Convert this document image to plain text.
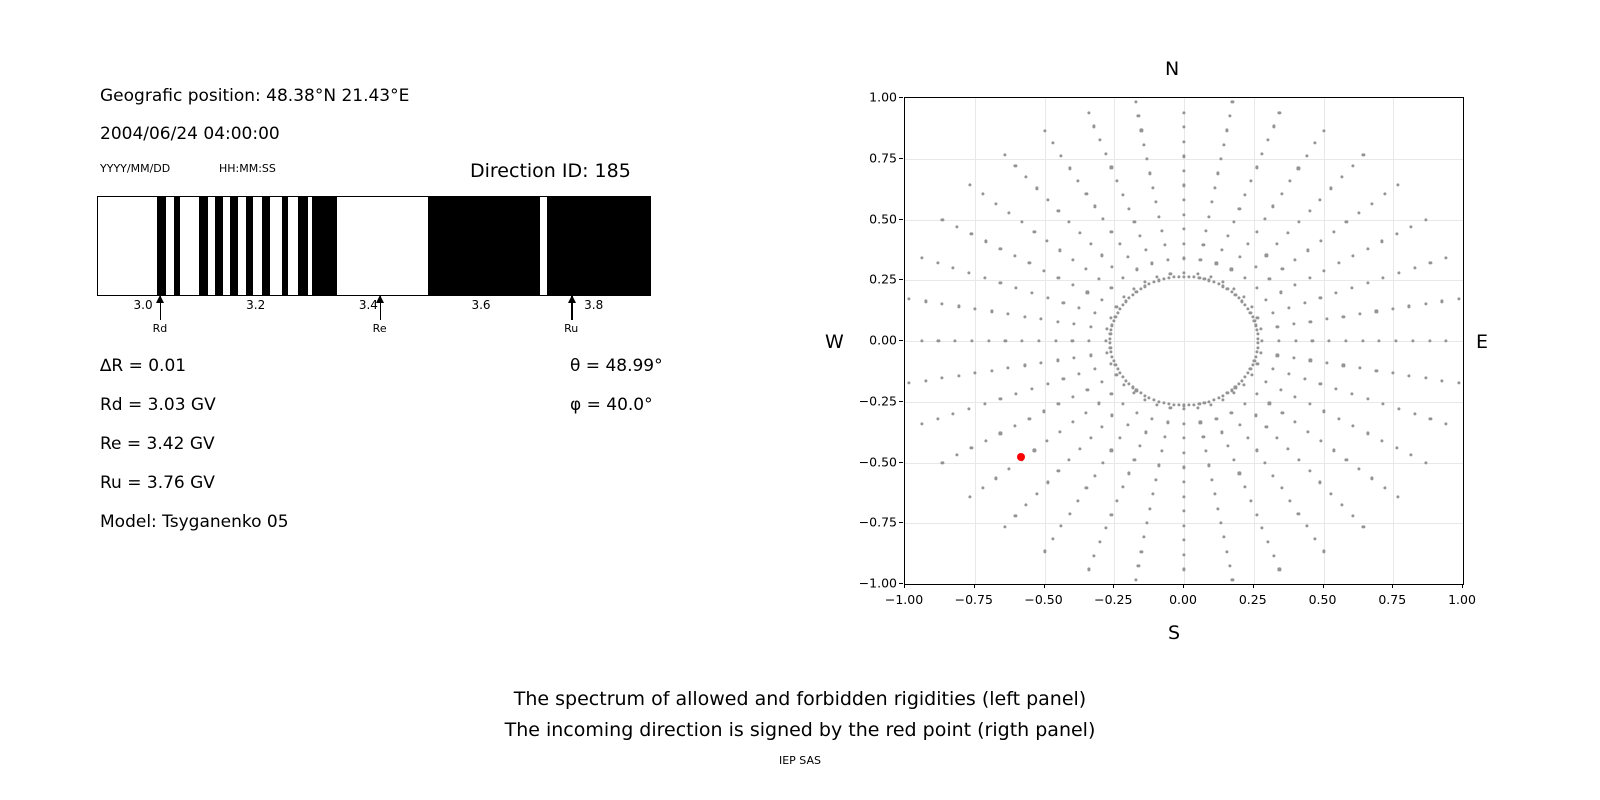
Geografic position: 48.38°N 21.43°E
2004/06/24 04:00:00
YYYY/MM/DD	HH:MM:SS	Direction ID: 185
3.0	3.2	3.4	3.6	3.8
Rd	Re	Ru
∆R = 0.01
Rd = 3.03 GV
Re = 3.42 GV
Ru = 3.76 GV
Model: Tsyganenko 05
θ = 48.99°
φ = 40.0°
N
S
W	E
−1.00	−0.75	−0.50	−0.25	0.00	0.25	0.50	0.75	1.00
−1.00
−0.75
−0.50
−0.25
0.00
0.25
0.50
0.75
1.00
The spectrum of allowed and forbidden rigidities (left panel)
The incoming direction is signed by the red point (rigth panel)
IEP SAS
